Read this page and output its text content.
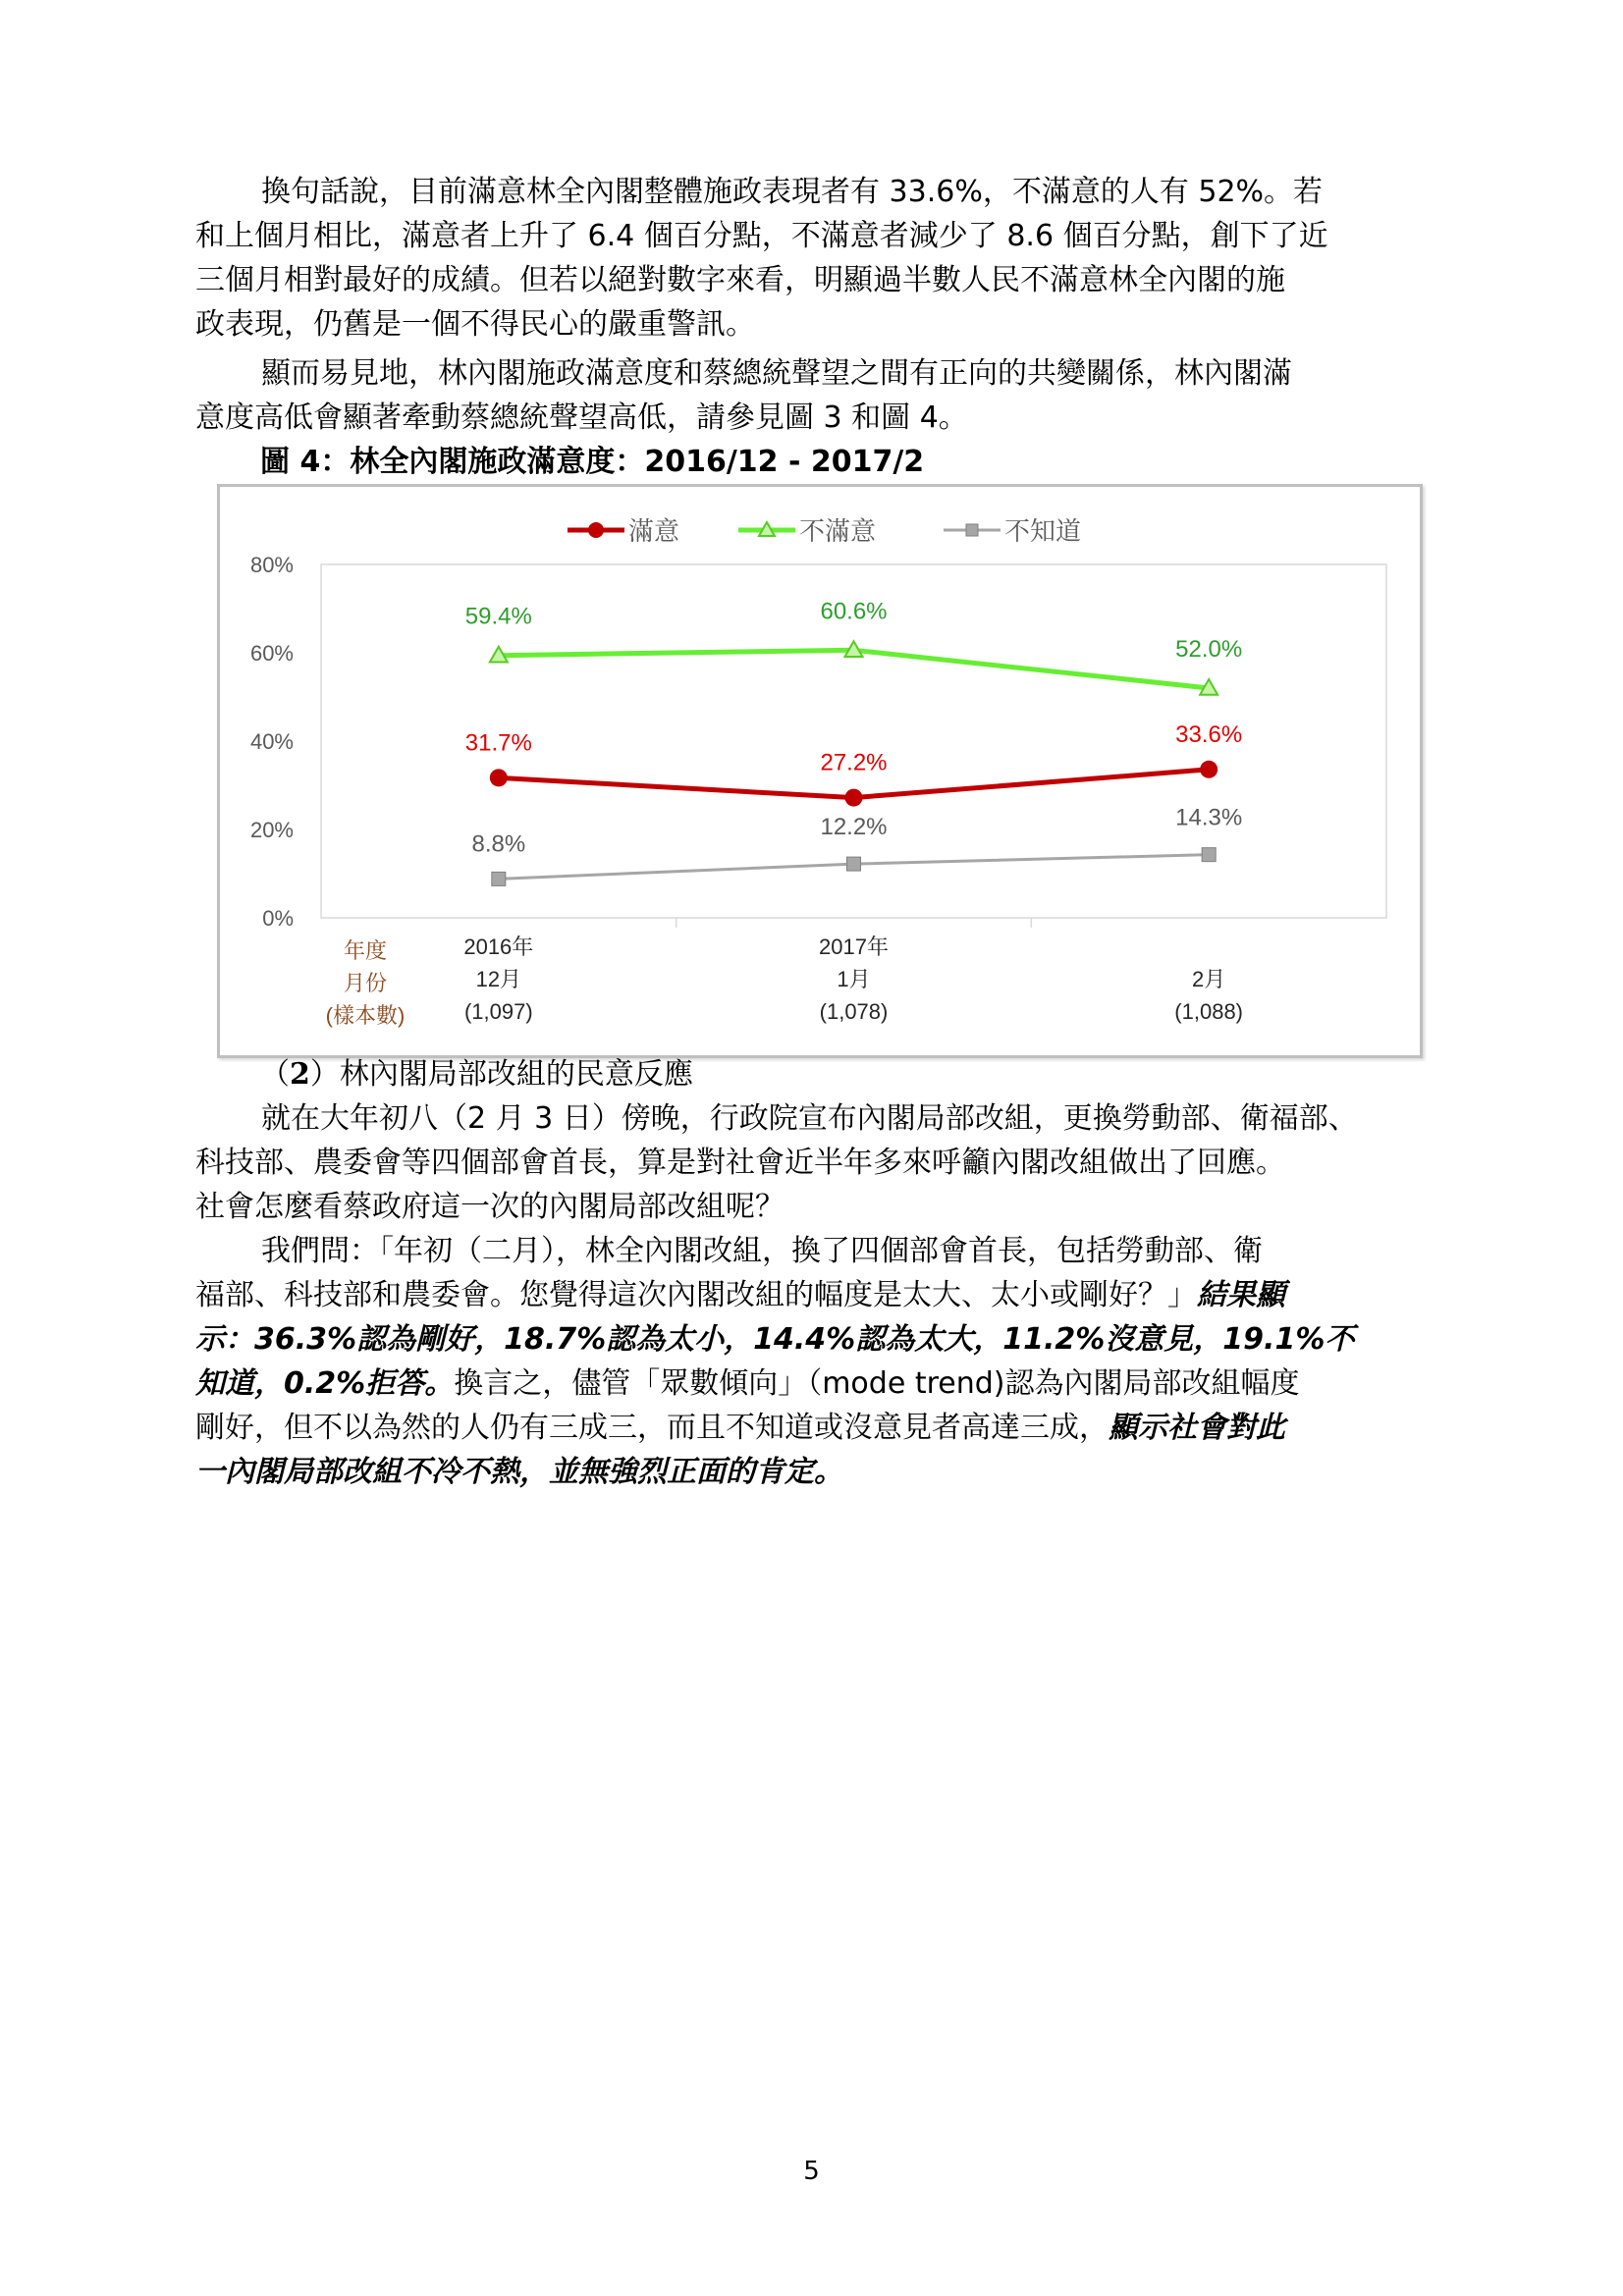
換句話說，目前滿意林全內閣整體施政表現者有 33.6%，不滿意的人有 52%。若
和上個月相比，滿意者上升了 6.4 個百分點，不滿意者減少了 8.6 個百分點，創下了近
三個月相對最好的成績。但若以絕對數字來看，明顯過半數人民不滿意林全內閣的施
政表現，仍舊是一個不得民心的嚴重警訊。
顯而易見地，林內閣施政滿意度和蔡總統聲望之間有正向的共變關係，林內閣滿
意度高低會顯著牽動蔡總統聲望高低，請參見圖 3 和圖 4。
圖 4：林全內閣施政滿意度：2016/12 - 2017/2
0%
20%
40%
60%
80%
年度
月份
(樣本數)
2016年
12月
(1,097)
2017年
1月
(1,078)
2月
(1,088)
31.7%
27.2%
33.6%
59.4%	60.6%
52.0%
8.8%
12.2%	14.3%
滿意	不滿意	不知道
（2）林內閣局部改組的民意反應
就在大年初八（2 月 3 日）傍晚，行政院宣布內閣局部改組，更換勞動部、衛福部、
科技部、農委會等四個部會首長，算是對社會近半年多來呼籲內閣改組做出了回應。
社會怎麼看蔡政府這一次的內閣局部改組呢？
我們問：「年初（二月），林全內閣改組，換了四個部會首長，包括勞動部、衛
福部、科技部和農委會。您覺得這次內閣改組的幅度是太大、太小或剛好？」結果顯
示：36.3%認為剛好，18.7%認為太小，14.4%認為太大，11.2%沒意見，19.1%不
知道，0.2%拒答。換言之，儘管「眾數傾向」（mode trend)認為內閣局部改組幅度
剛好，但不以為然的人仍有三成三，而且不知道或沒意見者高達三成，顯示社會對此
一內閣局部改組不冷不熱，並無強烈正面的肯定。
5
